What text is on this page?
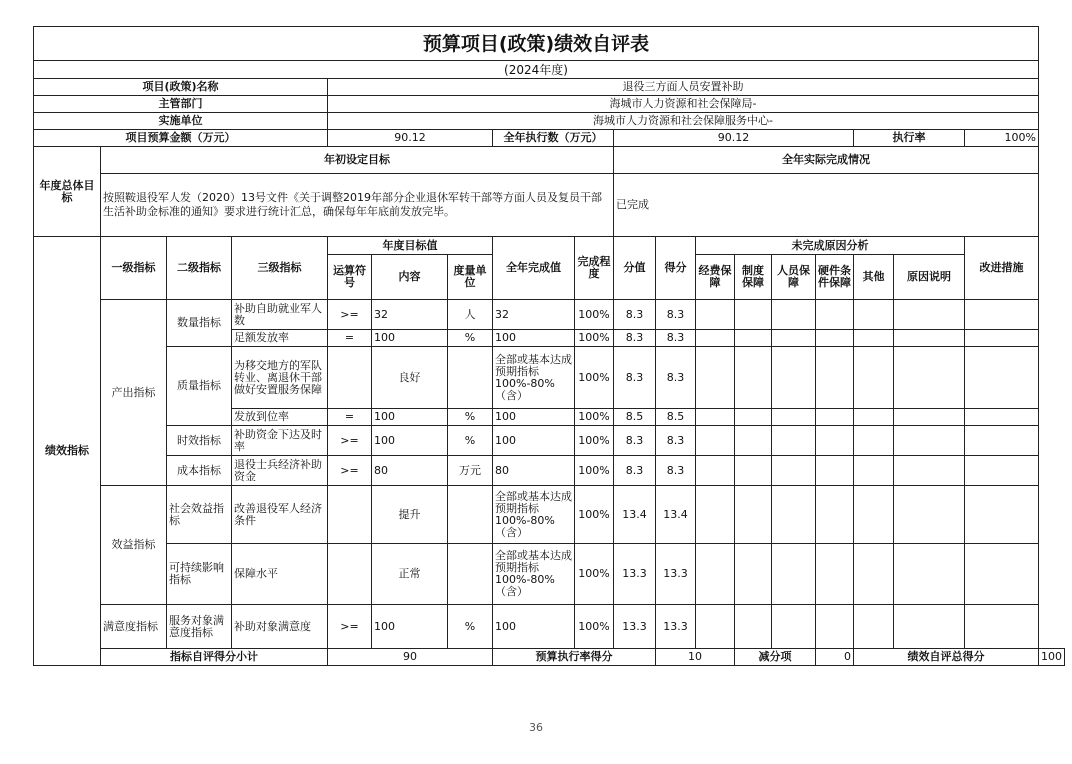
预算项目(政策)绩效自评表																		
(2024年度)																		
项目(政策)名称				退役三方面人员安置补助														
主管部门				海城市人力资源和社会保障局-														
实施单位				海城市人力资源和社会保障服务中心-														
项目预算金额（万元）				90.12			全年执行数（万元）		90.12						执行率		100%	
年度总体目标	年初设定目标								全年实际完成情况									
	按照鞍退役军人发（2020）13号文件《关于调整2019年部分企业退休军转干部等方面人员及复员干部生活补助金标准的通知》要求进行统计汇总，确保每年年底前发放完毕。								已完成									
绩效指标	一级指标	二级指标	三级指标	年度目标值			全年完成值	完成程度	分值	得分	未完成原因分析						改进措施	
				运算符号	内容	度量单位					经费保障	制度保障	人员保障	硬件条件保障	其他	原因说明		
	产出指标	数量指标	补助自助就业军人数	>=	32	人	32	100%	8.3	8.3								
			足额发放率	=	100	%	100	100%	8.3	8.3								
		质量指标	为移交地方的军队转业、离退休干部做好安置服务保障		良好		全部或基本达成预期指标100%-80%（含）	100%	8.3	8.3								
			发放到位率	=	100	%	100	100%	8.5	8.5								
		时效指标	补助资金下达及时率	>=	100	%	100	100%	8.3	8.3								
		成本指标	退役士兵经济补助资金	>=	80	万元	80	100%	8.3	8.3								
	效益指标	社会效益指标	改善退役军人经济条件		提升		全部或基本达成预期指标100%-80%（含）	100%	13.4	13.4								
		可持续影响指标	保障水平		正常		全部或基本达成预期指标100%-80%（含）	100%	13.3	13.3								
	满意度指标	服务对象满意度指标	补助对象满意度	>=	100	%	100	100%	13.3	13.3								
	指标自评得分小计			90			预算执行率得分			10		减分项		0	绩效自评总得分			100
36
